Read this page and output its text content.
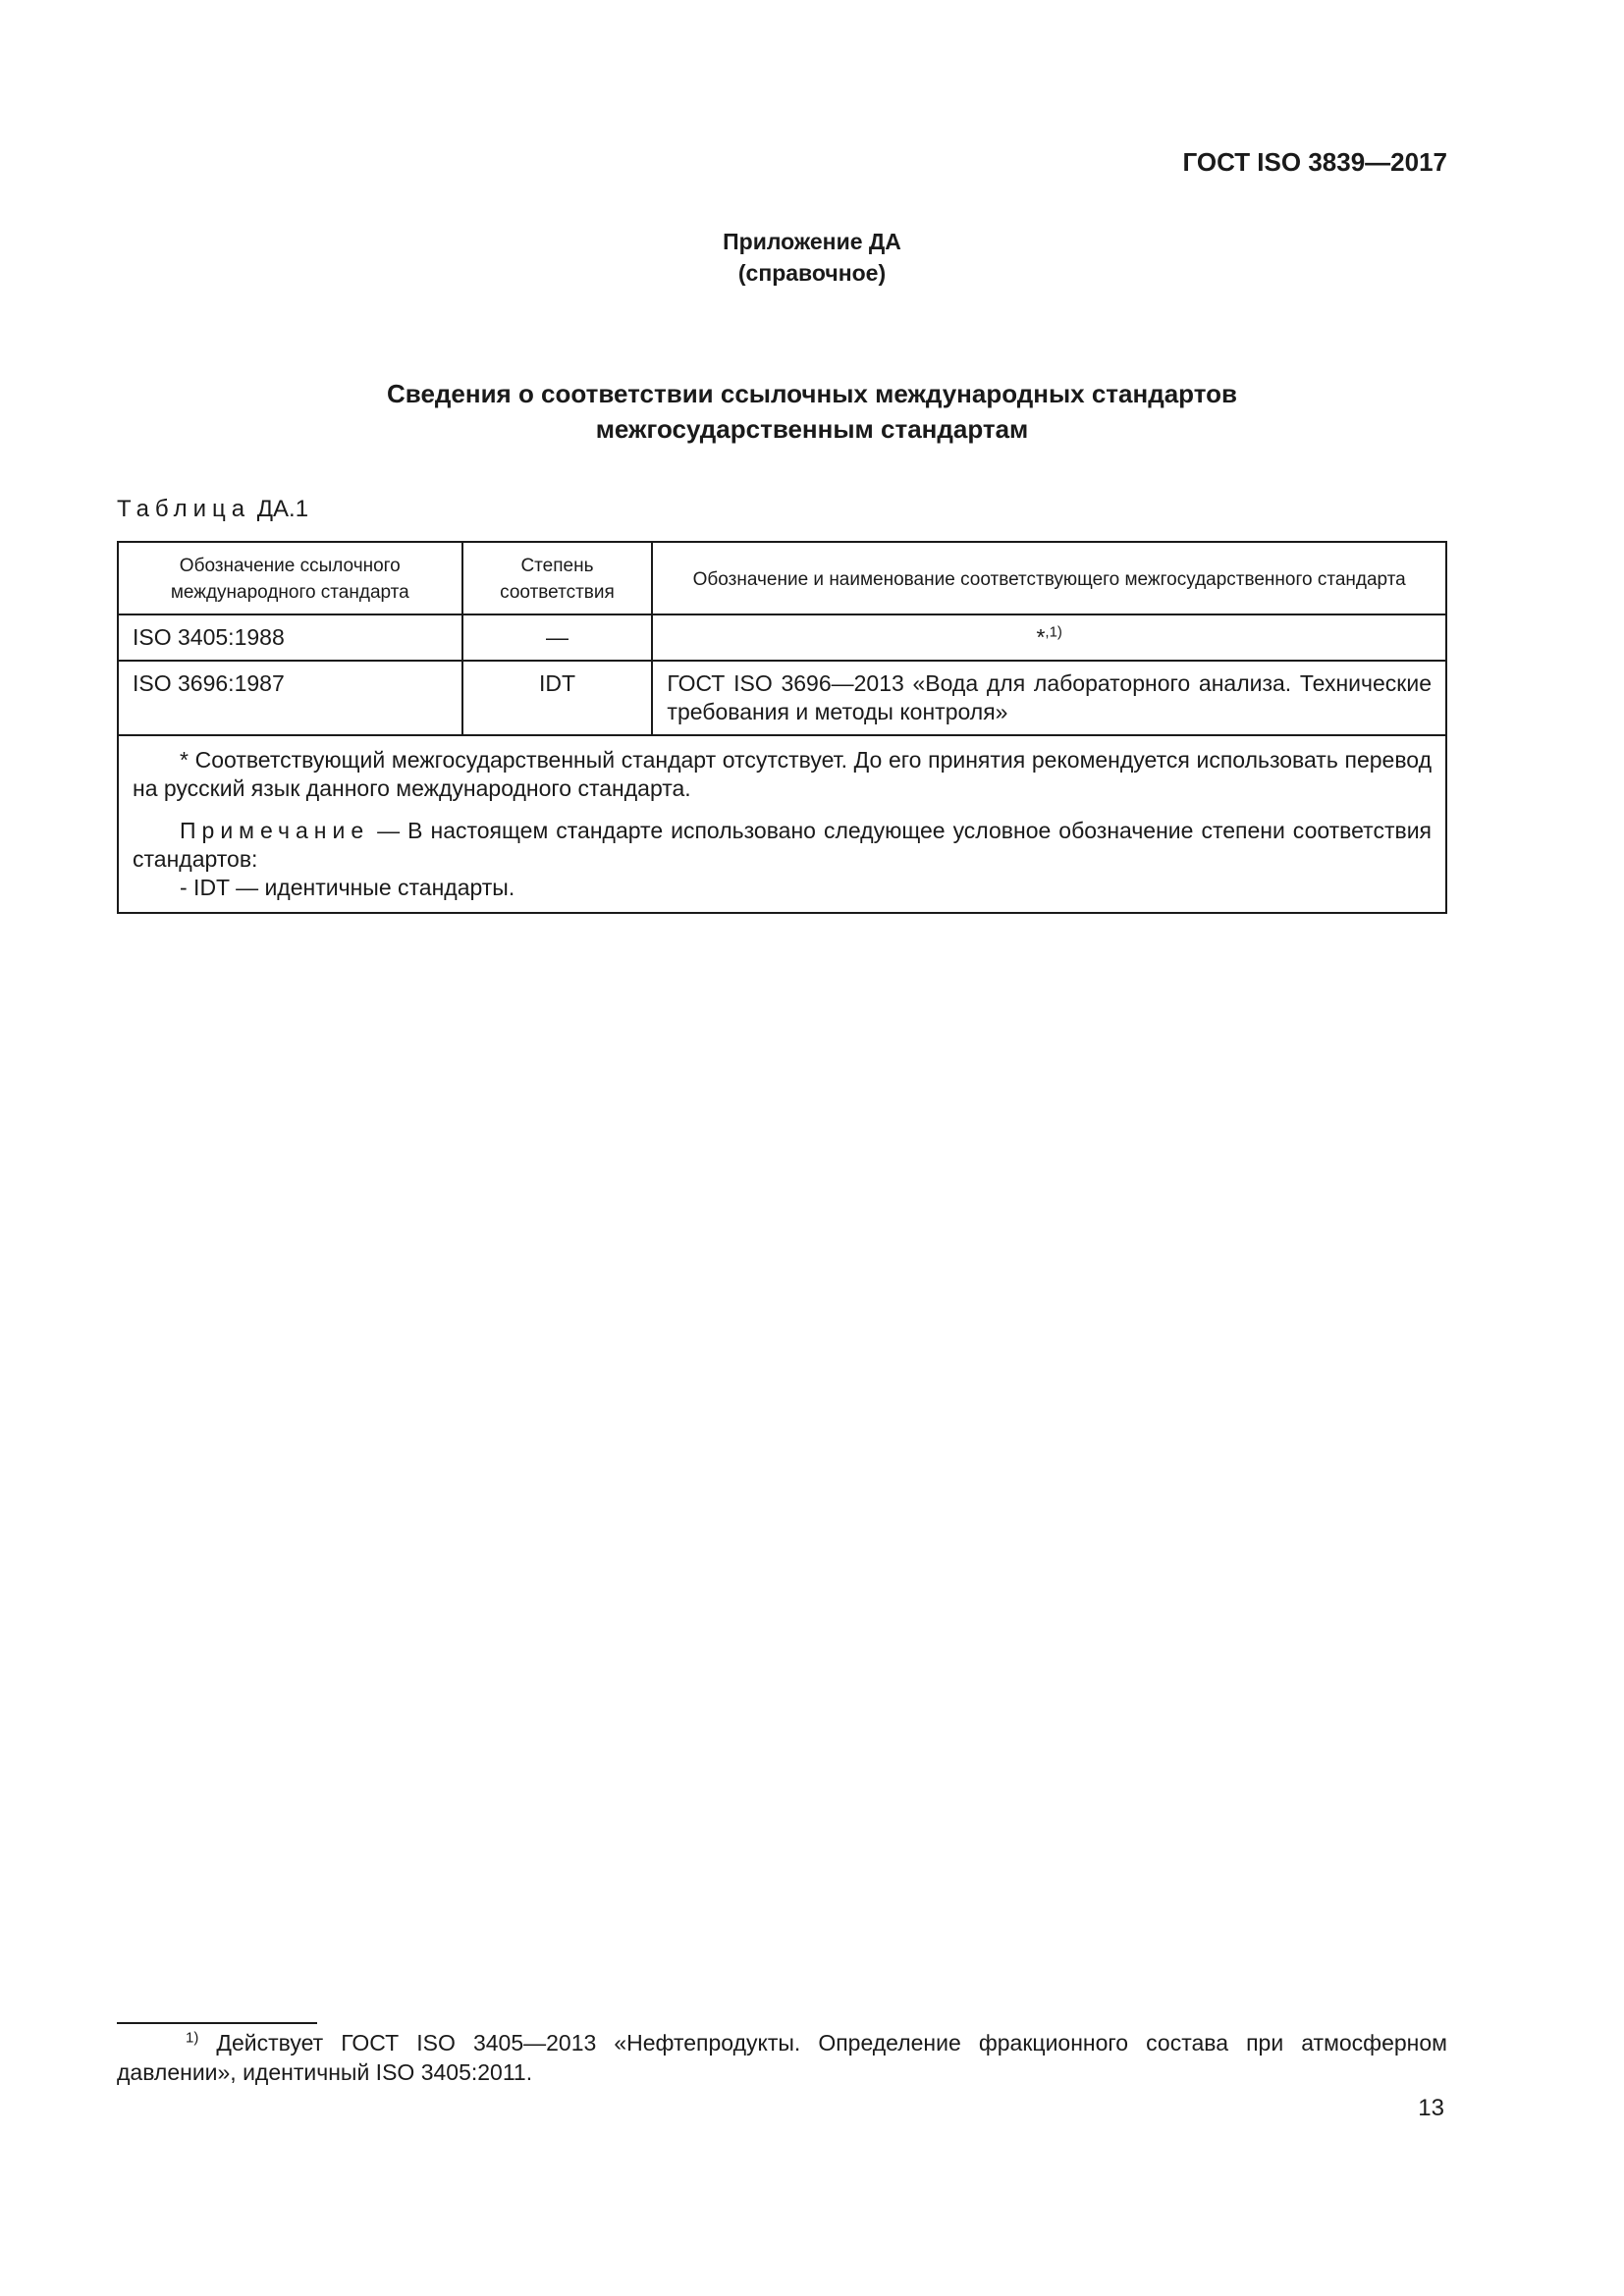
ГОСТ ISO 3839—2017
Приложение ДА
(справочное)
Сведения о соответствии ссылочных международных стандартов
межгосударственным стандартам
Таблица ДА.1
Обозначение ссылочного международного стандарта	Степень соответствия	Обозначение и наименование соответствующего межгосударственного стандарта
ISO 3405:1988	—	*$^{,1)}$
ISO 3696:1987	IDT	ГОСТ ISO 3696—2013 «Вода для лабораторного анализа. Технические требования и методы контроля»

* Соответствующий межгосударственный стандарт отсутствует. До его принятия рекомендуется использовать перевод на русский язык данного международного стандарта.

Примечание — В настоящем стандарте использовано следующее условное обозначение степени соответствия стандартов:

- IDT — идентичные стандарты.		

$^{1)}$ Действует ГОСТ ISO 3405—2013 «Нефтепродукты. Определение фракционного состава при атмосферном давлении», идентичный ISO 3405:2011.
13
